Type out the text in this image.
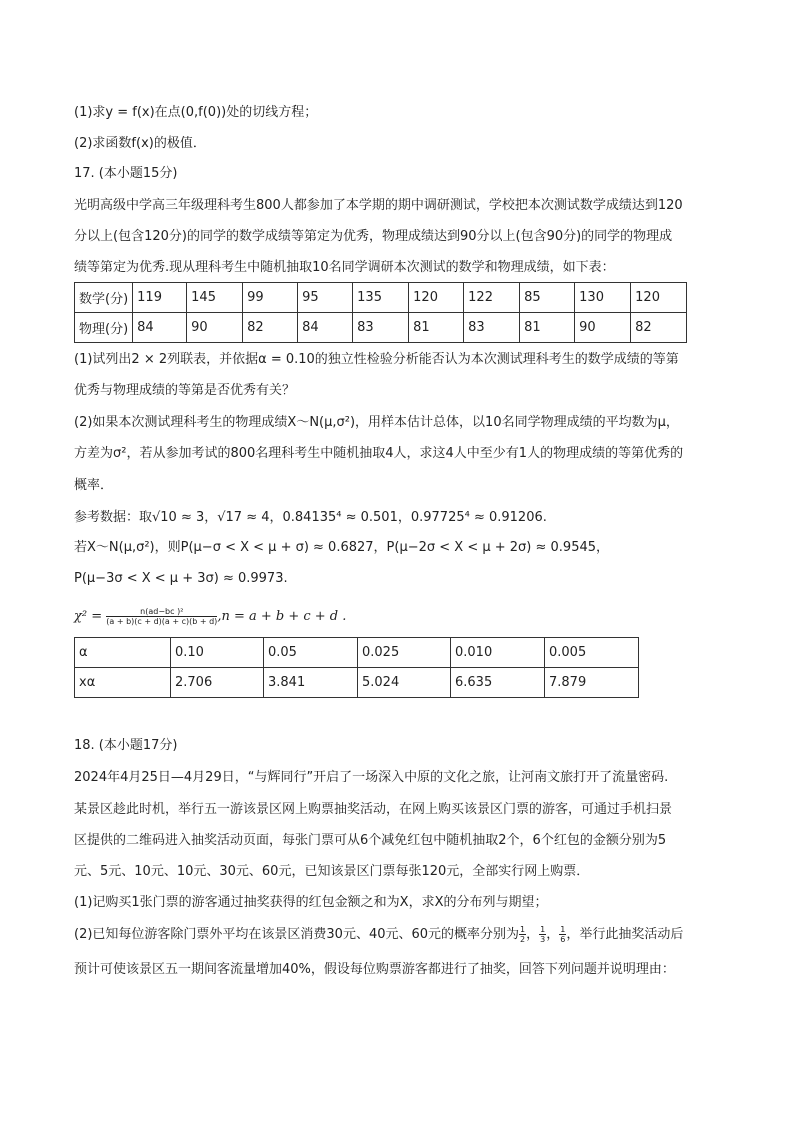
(1)求y = f(x)在点(0,f(0))处的切线方程；
(2)求函数f(x)的极值．
17. (本小题15分)
光明高级中学高三年级理科考生800人都参加了本学期的期中调研测试，学校把本次测试数学成绩达到120
分以上(包含120分)的同学的数学成绩等第定为优秀，物理成绩达到90分以上(包含90分)的同学的物理成
绩等第定为优秀.现从理科考生中随机抽取10名同学调研本次测试的数学和物理成绩，如下表：
数学(分)	119	145	99	95	135	120	122	85	130	120
物理(分)	84	90	82	84	83	81	83	81	90	82
(1)试列出2 × 2列联表，并依据α = 0.10的独立性检验分析能否认为本次测试理科考生的数学成绩的等第
优秀与物理成绩的等第是否优秀有关？
(2)如果本次测试理科考生的物理成绩X～N(μ,σ²)，用样本估计总体，以10名同学物理成绩的平均数为μ，
方差为σ²，若从参加考试的800名理科考生中随机抽取4人，求这4人中至少有1人的物理成绩的等第优秀的
概率．
参考数据：取√10 ≈ 3，√17 ≈ 4，0.84135⁴ ≈ 0.501，0.97725⁴ ≈ 0.91206.
若X～N(μ,σ²)，则P(μ−σ < X < μ + σ) ≈ 0.6827，P(μ−2σ < X < μ + 2σ) ≈ 0.9545，
P(μ−3σ < X < μ + 3σ) ≈ 0.9973.
$\chi^2 = \frac{\text{n(ad−bc )²}}{(a + b)(c + d)(a + c)(b + d)} ,n = a + b + c + d$ .
α	0.10	0.05	0.025	0.010	0.005
xα	2.706	3.841	5.024	6.635	7.879
18. (本小题17分)
2024年4月25日—4月29日，“与辉同行”开启了一场深入中原的文化之旅，让河南文旅打开了流量密码.
某景区趁此时机，举行五一游该景区网上购票抽奖活动，在网上购买该景区门票的游客，可通过手机扫景
区提供的二维码进入抽奖活动页面，每张门票可从6个减免红包中随机抽取2个，6个红包的金额分别为5
元、5元、10元、10元、30元、60元，已知该景区门票每张120元，全部实行网上购票．
(1)记购买1张门票的游客通过抽奖获得的红包金额之和为X，求X的分布列与期望；
(2)已知每位游客除门票外平均在该景区消费30元、40元、60元的概率分别为 $\frac{1}{2}$ ， $\frac{1}{3}$ ， $\frac{1}{6}$ ，举行此抽奖活动后
预计可使该景区五一期间客流量增加40%，假设每位购票游客都进行了抽奖，回答下列问题并说明理由：
